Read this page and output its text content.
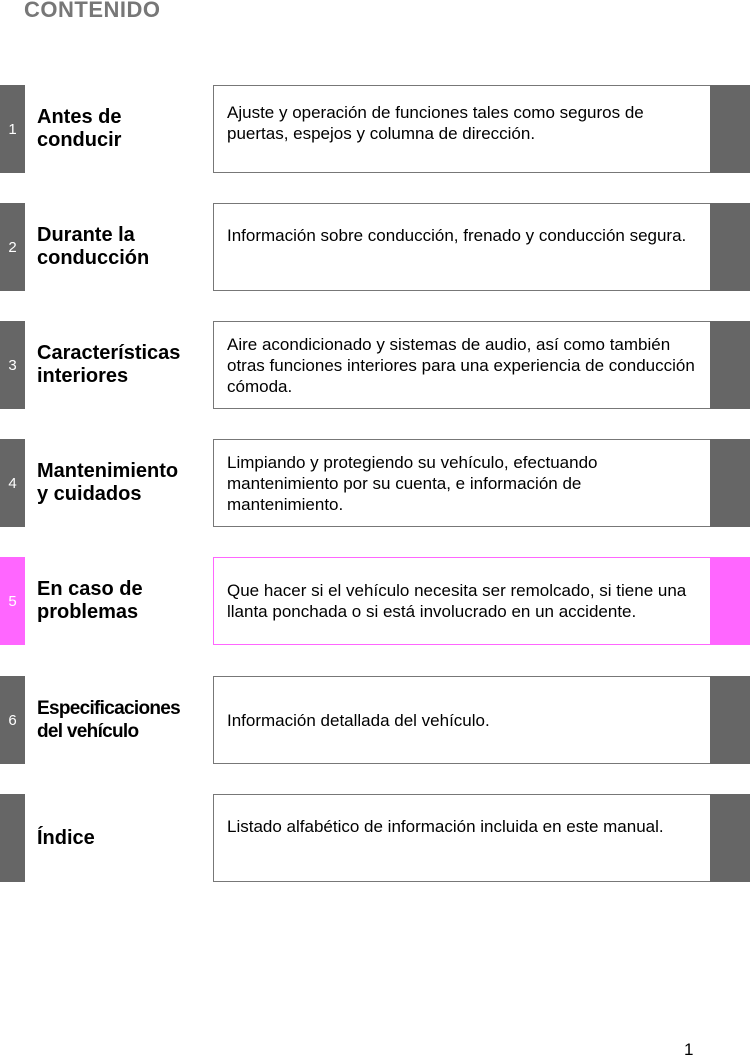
CONTENIDO
1
Antes de
conducir
Ajuste y operación de funciones tales como seguros de puertas, espejos y columna de dirección.
2
Durante la
conducción
Información sobre conducción, frenado y conducción segura.
3
Características
interiores
Aire acondicionado y sistemas de audio, así como también otras funciones interiores para una experiencia de conducción cómoda.
4
Mantenimiento
y cuidados
Limpiando y protegiendo su vehículo, efectuando mantenimiento por su cuenta, e información de mantenimiento.
5
En caso de
problemas
Que hacer si el vehículo necesita ser remolcado, si tiene una llanta ponchada o si está involucrado en un accidente.
6
Especificaciones
del vehículo
Información detallada del vehículo.
Índice	Listado alfabético de información incluida en este manual.
1
